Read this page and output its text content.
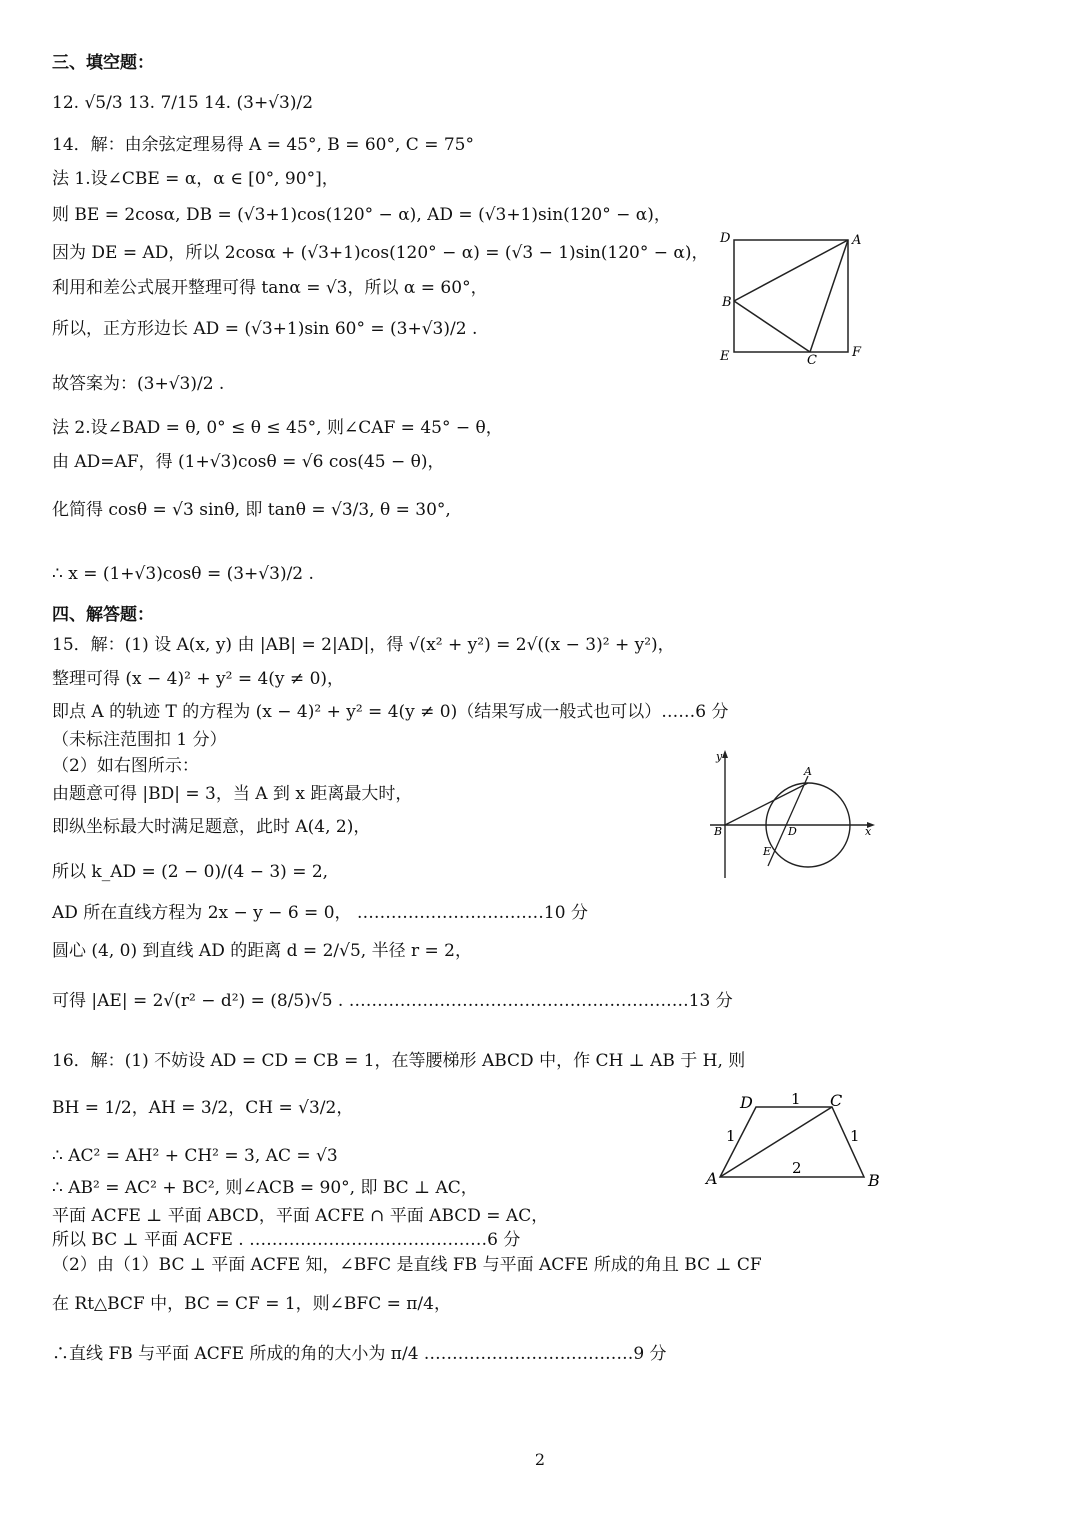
三、填空题：
12. √5/3 13. 7/15 14. (3+√3)/2
14．解：由余弦定理易得 A = 45°, B = 60°, C = 75°
法 1.设∠CBE = α，α ∈ [0°, 90°]，
则 BE = 2cosα, DB = (√3+1)cos(120° − α), AD = (√3+1)sin(120° − α)，
因为 DE = AD，所以 2cosα + (√3+1)cos(120° − α) = (√3 − 1)sin(120° − α)，
利用和差公式展开整理可得 tanα = √3，所以 α = 60°，
所以，正方形边长 AD = (√3+1)sin 60° = (3+√3)/2 .
故答案为：(3+√3)/2 .
法 2.设∠BAD = θ, 0° ≤ θ ≤ 45°, 则∠CAF = 45° − θ，
由 AD=AF，得 (1+√3)cosθ = √6 cos(45 − θ)，
化简得 cosθ = √3 sinθ, 即 tanθ = √3/3, θ = 30°,
∴ x = (1+√3)cosθ = (3+√3)/2 .
四、解答题：
15．解：(1) 设 A(x, y) 由 |AB| = 2|AD|，得 √(x² + y²) = 2√((x − 3)² + y²)，
整理可得 (x − 4)² + y² = 4(y ≠ 0)，
即点 A 的轨迹 T 的方程为 (x − 4)² + y² = 4(y ≠ 0)（结果写成一般式也可以）……6 分
（未标注范围扣 1 分）
（2）如右图所示：
由题意可得 |BD| = 3，当 A 到 x 距离最大时，
即纵坐标最大时满足题意，此时 A(4, 2)，
所以 k_AD = (2 − 0)/(4 − 3) = 2,
AD 所在直线方程为 2x − y − 6 = 0， ……………………………10 分
圆心 (4, 0) 到直线 AD 的距离 d = 2/√5, 半径 r = 2，
可得 |AE| = 2√(r² − d²) = (8/5)√5 . ……………………………………………………13 分
16．解：(1) 不妨设 AD = CD = CB = 1，在等腰梯形 ABCD 中，作 CH ⊥ AB 于 H, 则
BH = 1/2，AH = 3/2，CH = √3/2，
∴ AC² = AH² + CH² = 3, AC = √3
∴ AB² = AC² + BC², 则∠ACB = 90°, 即 BC ⊥ AC，
平面 ACFE ⊥ 平面 ABCD，平面 ACFE ∩ 平面 ABCD = AC，
所以 BC ⊥ 平面 ACFE . ……………………………………6 分
（2）由（1）BC ⊥ 平面 ACFE 知，∠BFC 是直线 FB 与平面 ACFE 所成的角且 BC ⊥ CF
在 Rt△BCF 中，BC = CF = 1，则∠BFC = π/4，
∴直线 FB 与平面 ACFE 所成的角的大小为 π/4 .………………………………9 分
D	A
B
E	C
F
y
A
B	D
E
x
D	C
A	B
1
1	1
2
2
